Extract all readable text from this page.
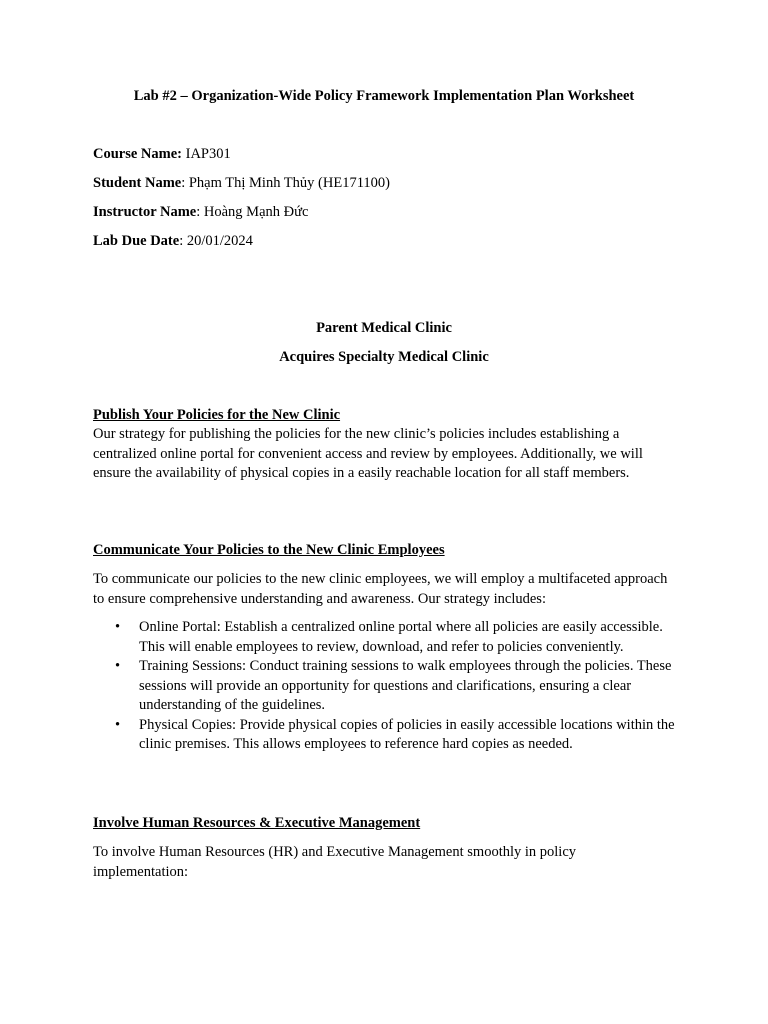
Lab #2 – Organization-Wide Policy Framework Implementation Plan Worksheet

Course Name: IAP301

Student Name: Phạm Thị Minh Thủy (HE171100)

Instructor Name: Hoàng Mạnh Đức

Lab Due Date: 20/01/2024

Parent Medical Clinic

Acquires Specialty Medical Clinic

Publish Your Policies for the New Clinic

Our strategy for publishing the policies for the new clinic’s policies includes establishing a centralized online portal for convenient access and review by employees. Additionally, we will ensure the availability of physical copies in a easily reachable location for all staff members.

Communicate Your Policies to the New Clinic Employees

To communicate our policies to the new clinic employees, we will employ a multifaceted approach to ensure comprehensive understanding and awareness. Our strategy includes:

• Online Portal: Establish a centralized online portal where all policies are easily accessible. This will enable employees to review, download, and refer to policies conveniently.
• Training Sessions: Conduct training sessions to walk employees through the policies. These sessions will provide an opportunity for questions and clarifications, ensuring a clear understanding of the guidelines.
• Physical Copies: Provide physical copies of policies in easily accessible locations within the clinic premises. This allows employees to reference hard copies as needed.

Involve Human Resources & Executive Management

To involve Human Resources (HR) and Executive Management smoothly in policy implementation:
